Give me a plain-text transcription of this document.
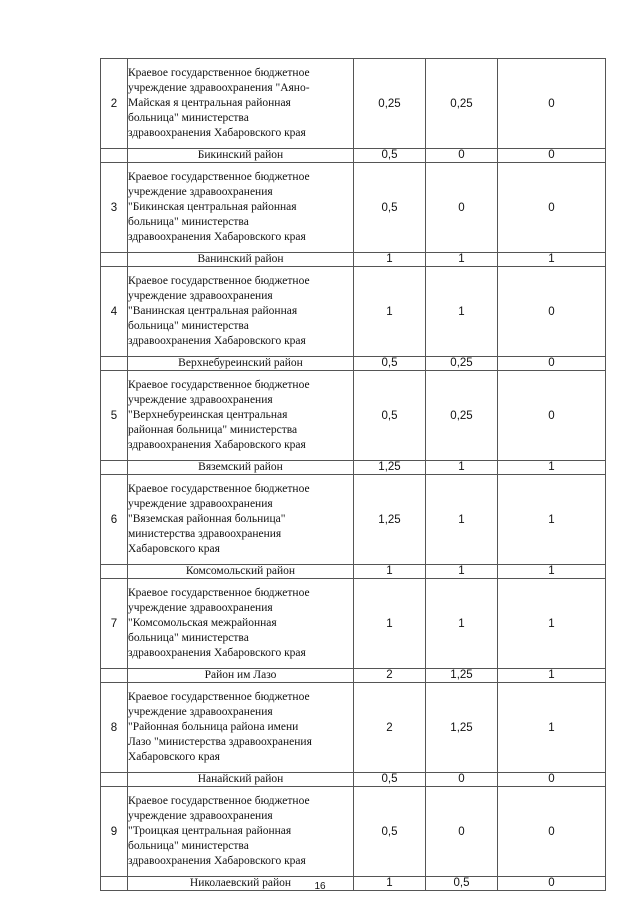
2	Краевое государственное бюджетное
учреждение здравоохранения "Аяно-
Майская я центральная районная
больница" министерства
здравоохранения Хабаровского края	0,25	0,25	0
	Бикинский район	0,5	0	0
3	Краевое государственное бюджетное
учреждение здравоохранения
"Бикинская центральная районная
больница" министерства
здравоохранения Хабаровского края	0,5	0	0
	Ванинский район	1	1	1
4	Краевое государственное бюджетное
учреждение здравоохранения
"Ванинская центральная районная
больница" министерства
здравоохранения Хабаровского края	1	1	0
	Верхнебуреинский район	0,5	0,25	0
5	Краевое государственное бюджетное
учреждение здравоохранения
"Верхнебуреинская центральная
районная больница" министерства
здравоохранения Хабаровского края	0,5	0,25	0
	Вяземский район	1,25	1	1
6	Краевое государственное бюджетное
учреждение здравоохранения
"Вяземская районная больница"
министерства здравоохранения
Хабаровского края	1,25	1	1
	Комсомольский район	1	1	1
7	Краевое государственное бюджетное
учреждение здравоохранения
"Комсомольская межрайонная
больница" министерства
здравоохранения Хабаровского края	1	1	1
	Район им Лазо	2	1,25	1
8	Краевое государственное бюджетное
учреждение здравоохранения
"Районная больница района имени
Лазо "министерства здравоохранения
Хабаровского края	2	1,25	1
	Нанайский район	0,5	0	0
9	Краевое государственное бюджетное
учреждение здравоохранения
"Троицкая центральная районная
больница" министерства
здравоохранения Хабаровского края	0,5	0	0
	Николаевский район	1	0,5	0
16
